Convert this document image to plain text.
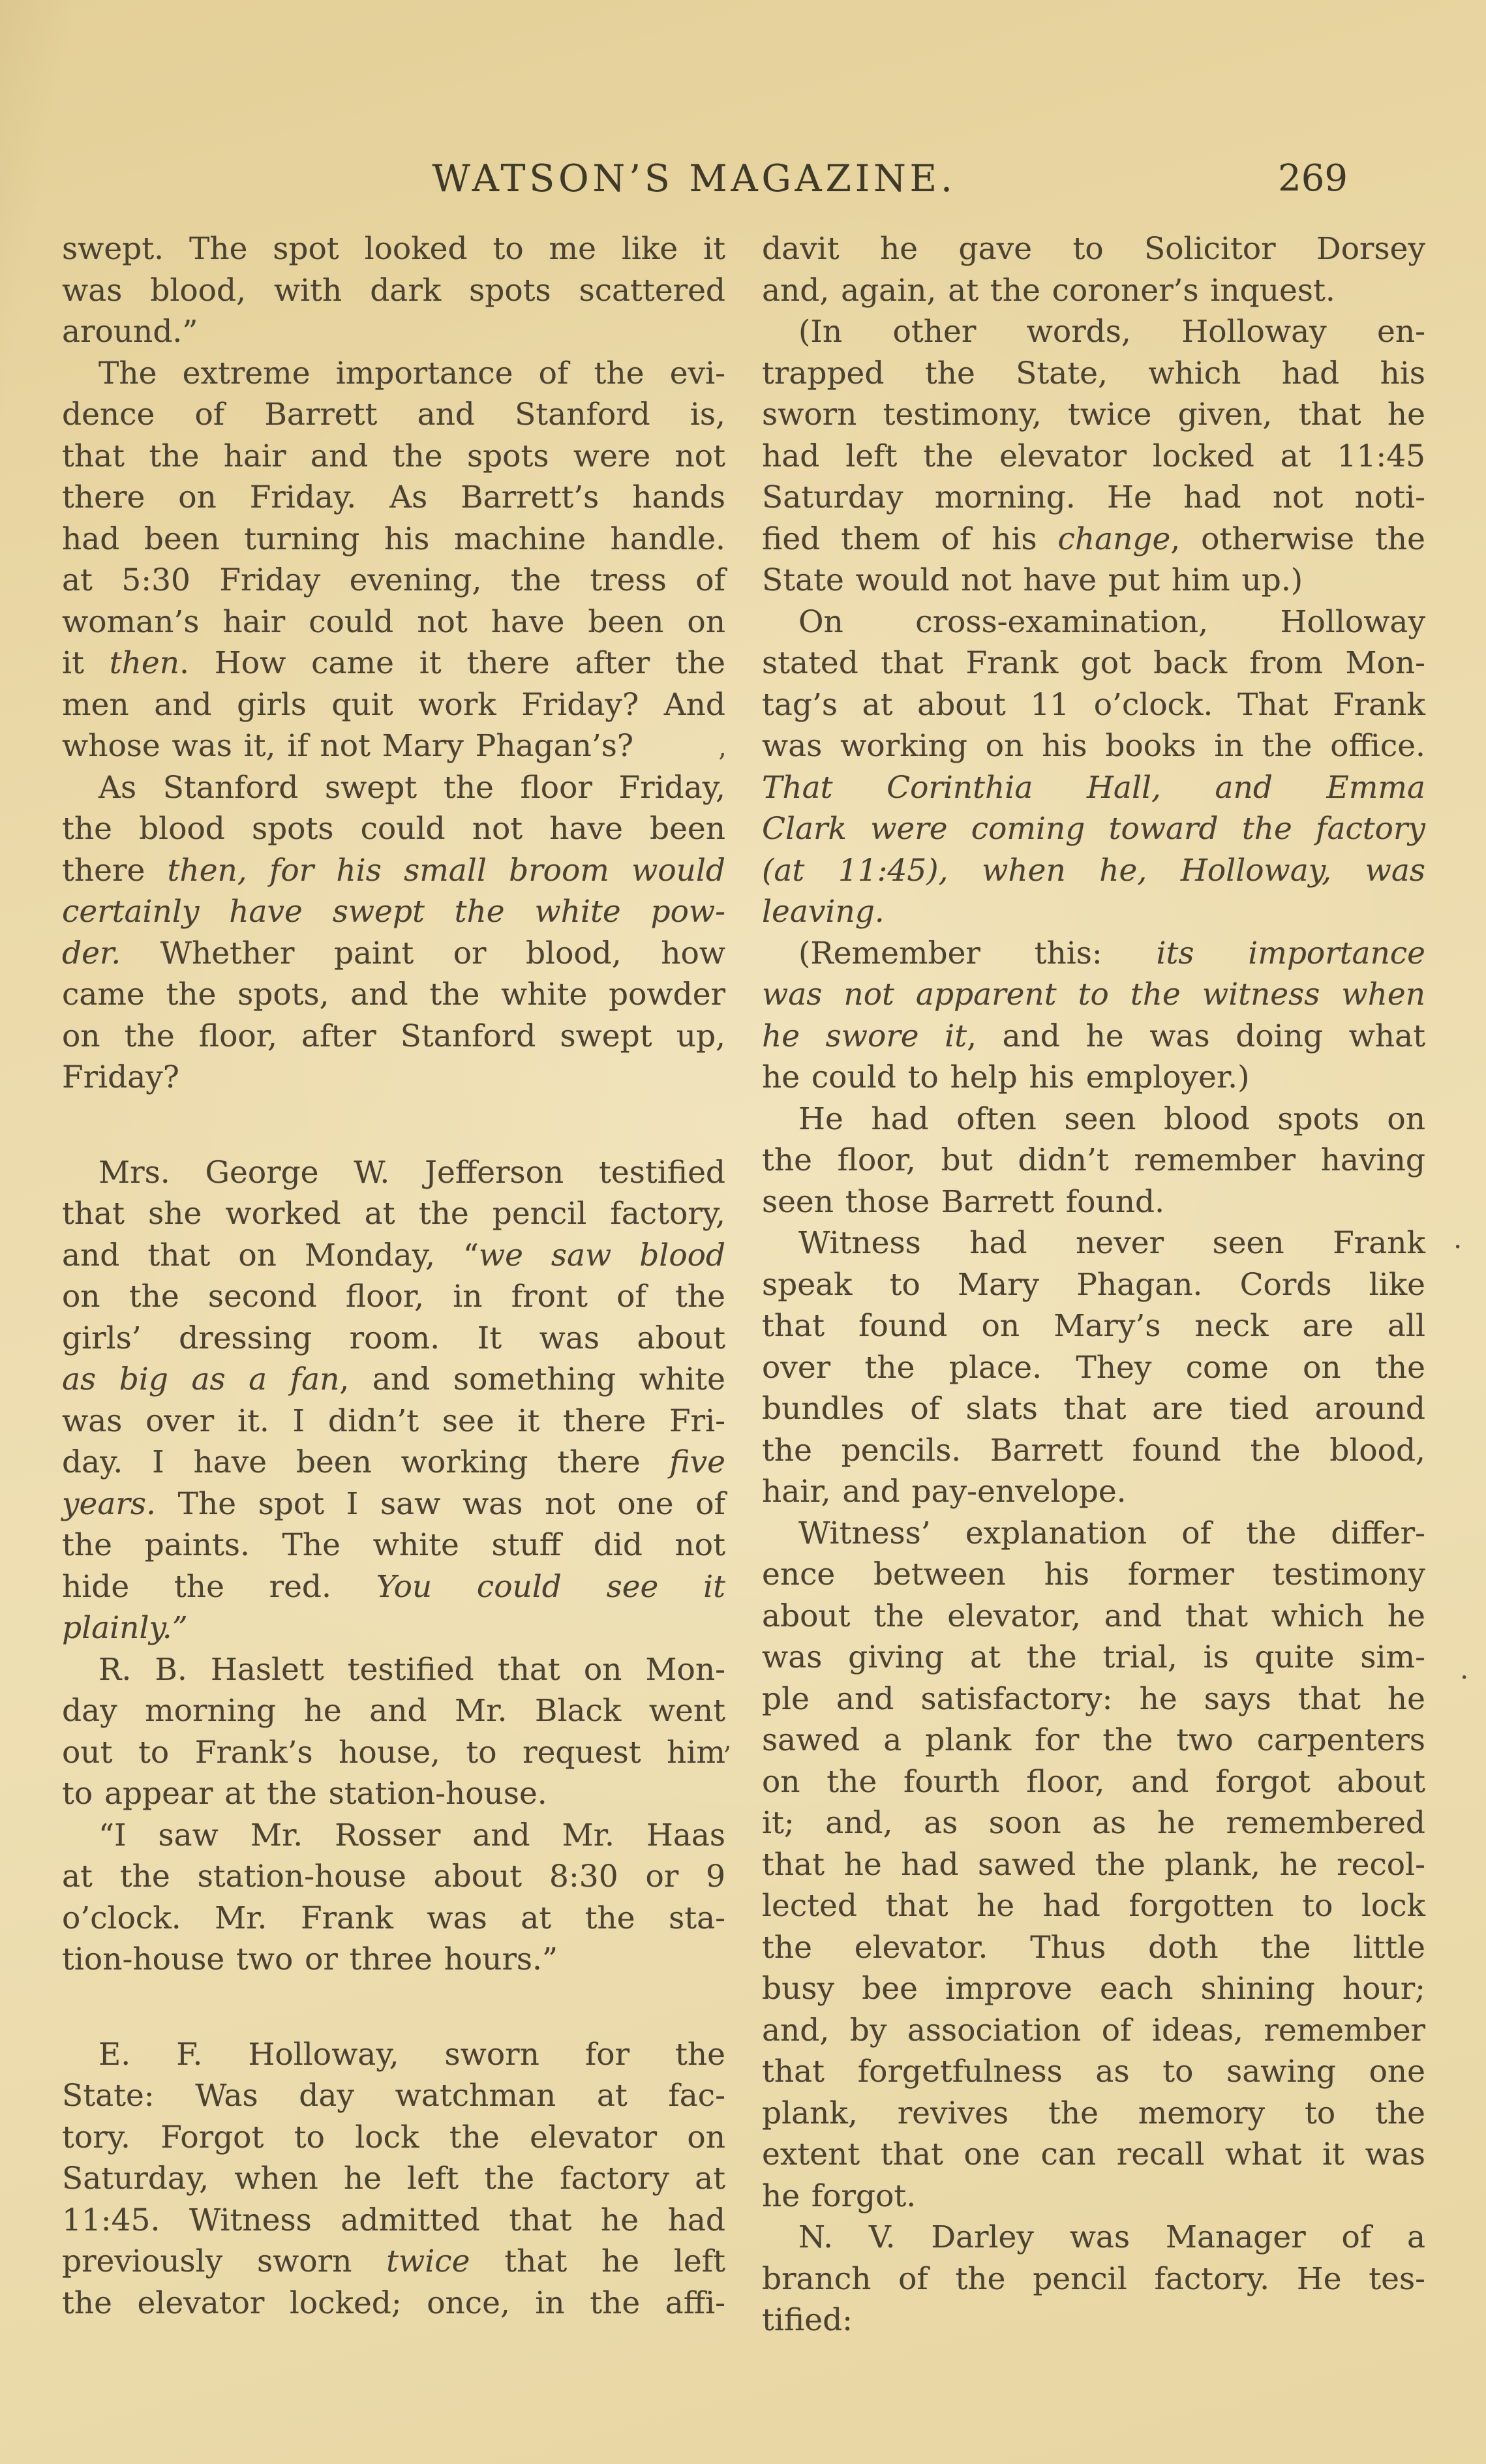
WATSON’S MAGAZINE.	269
swept. The spot looked to me like it
was blood, with dark spots scattered
around.”
The extreme importance of the evi-
dence of Barrett and Stanford is,
that the hair and the spots were not
there on Friday. As Barrett’s hands
had been turning his machine handle.
at 5:30 Friday evening, the tress of
woman’s hair could not have been on
it then. How came it there after the
men and girls quit work Friday? And
whose was it, if not Mary Phagan’s?
As Stanford swept the floor Friday,
the blood spots could not have been
there then, for his small broom would
certainly have swept the white pow-
der. Whether paint or blood, how
came the spots, and the white powder
on the floor, after Stanford swept up,
Friday?
Mrs. George W. Jefferson testified
that she worked at the pencil factory,
and that on Monday, “we saw blood
on the second floor, in front of the
girls’ dressing room. It was about
as big as a fan, and something white
was over it. I didn’t see it there Fri-
day. I have been working there five
years. The spot I saw was not one of
the paints. The white stuff did not
hide the red. You could see it
plainly.”
R. B. Haslett testified that on Mon-
day morning he and Mr. Black went
out to Frank’s house, to request him
to appear at the station-house.
“I saw Mr. Rosser and Mr. Haas
at the station-house about 8:30 or 9
o’clock. Mr. Frank was at the sta-
tion-house two or three hours.”
E. F. Holloway, sworn for the
State: Was day watchman at fac-
tory. Forgot to lock the elevator on
Saturday, when he left the factory at
11:45. Witness admitted that he had
previously sworn twice that he left
the elevator locked; once, in the affi-
davit he gave to Solicitor Dorsey
and, again, at the coroner’s inquest.
(In other words, Holloway en-
trapped the State, which had his
sworn testimony, twice given, that he
had left the elevator locked at 11:45
Saturday morning. He had not noti-
fied them of his change, otherwise the
State would not have put him up.)
On cross-examination, Holloway
stated that Frank got back from Mon-
tag’s at about 11 o’clock. That Frank
was working on his books in the office.
That Corinthia Hall, and Emma
Clark were coming toward the factory
(at 11:45), when he, Holloway, was
leaving.
(Remember this: its importance
was not apparent to the witness when
he swore it, and he was doing what
he could to help his employer.)
He had often seen blood spots on
the floor, but didn’t remember having
seen those Barrett found.
Witness had never seen Frank
speak to Mary Phagan. Cords like
that found on Mary’s neck are all
over the place. They come on the
bundles of slats that are tied around
the pencils. Barrett found the blood,
hair, and pay-envelope.
Witness’ explanation of the differ-
ence between his former testimony
about the elevator, and that which he
was giving at the trial, is quite sim-
ple and satisfactory: he says that he
sawed a plank for the two carpenters
on the fourth floor, and forgot about
it; and, as soon as he remembered
that he had sawed the plank, he recol-
lected that he had forgotten to lock
the elevator. Thus doth the little
busy bee improve each shining hour;
and, by association of ideas, remember
that forgetfulness as to sawing one
plank, revives the memory to the
extent that one can recall what it was
he forgot.
N. V. Darley was Manager of a
branch of the pencil factory. He tes-
tified:
’
’
.
.
